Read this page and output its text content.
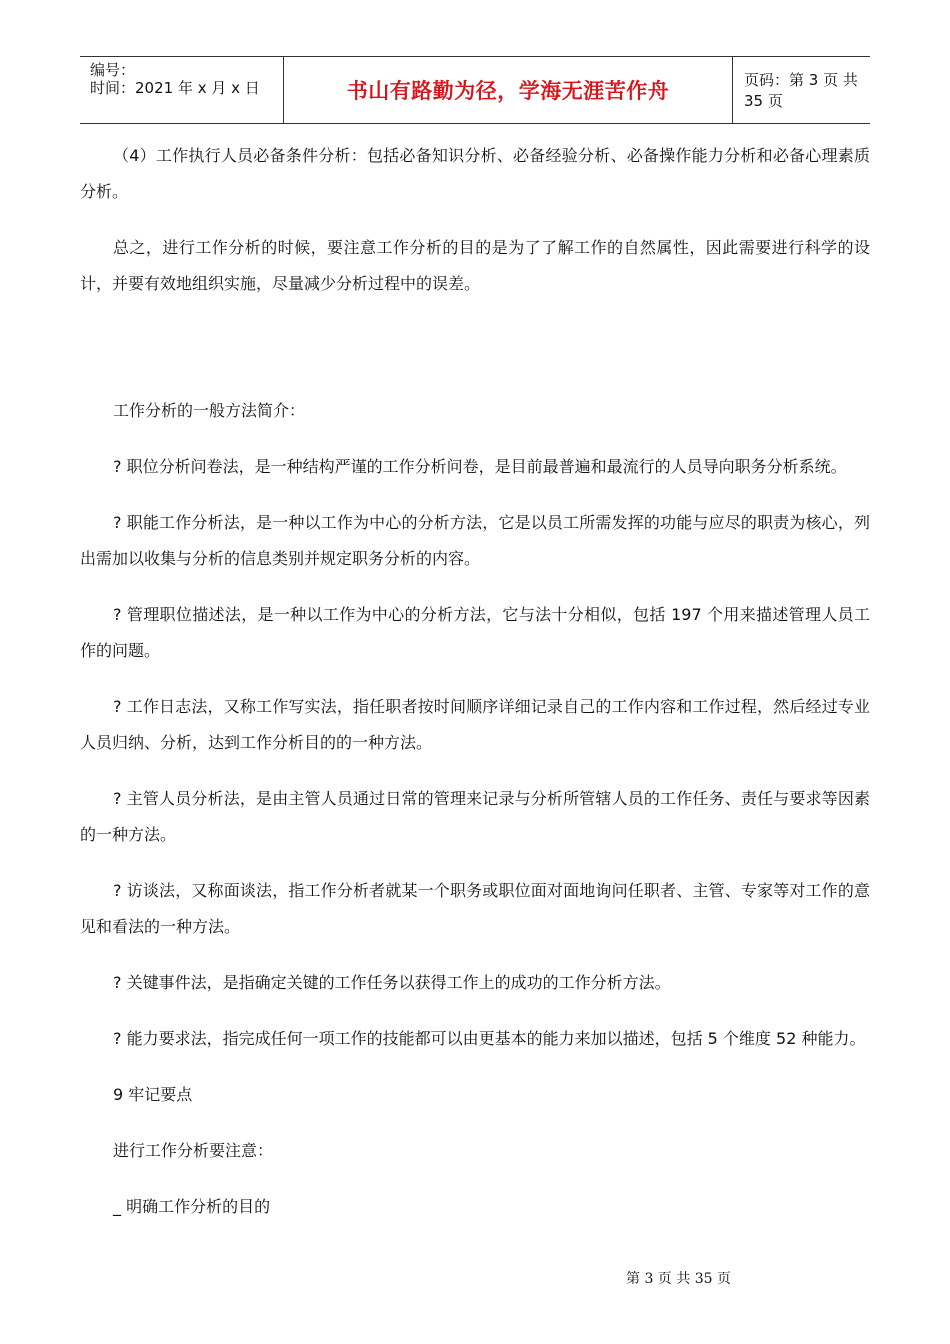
编号：
时间：2021 年 x 月 x 日	书山有路勤为径，学海无涯苦作舟	页码：第 3 页 共 35 页

（4）工作执行人员必备条件分析：包括必备知识分析、必备经验分析、必备操作能力分析和必备心理素质分析。

总之，进行工作分析的时候，要注意工作分析的目的是为了了解工作的自然属性，因此需要进行科学的设计，并要有效地组织实施，尽量减少分析过程中的误差。

工作分析的一般方法简介：

? 职位分析问卷法，是一种结构严谨的工作分析问卷，是目前最普遍和最流行的人员导向职务分析系统。

? 职能工作分析法，是一种以工作为中心的分析方法，它是以员工所需发挥的功能与应尽的职责为核心，列出需加以收集与分析的信息类别并规定职务分析的内容。

? 管理职位描述法，是一种以工作为中心的分析方法，它与法十分相似，包括 197 个用来描述管理人员工作的问题。

? 工作日志法，又称工作写实法，指任职者按时间顺序详细记录自己的工作内容和工作过程，然后经过专业人员归纳、分析，达到工作分析目的的一种方法。

? 主管人员分析法，是由主管人员通过日常的管理来记录与分析所管辖人员的工作任务、责任与要求等因素的一种方法。

? 访谈法，又称面谈法，指工作分析者就某一个职务或职位面对面地询问任职者、主管、专家等对工作的意见和看法的一种方法。

? 关键事件法，是指确定关键的工作任务以获得工作上的成功的工作分析方法。

? 能力要求法，指完成任何一项工作的技能都可以由更基本的能力来加以描述，包括 5 个维度 52 种能力。

9 牢记要点

进行工作分析要注意：

_ 明确工作分析的目的

第 3 页 共 35 页
